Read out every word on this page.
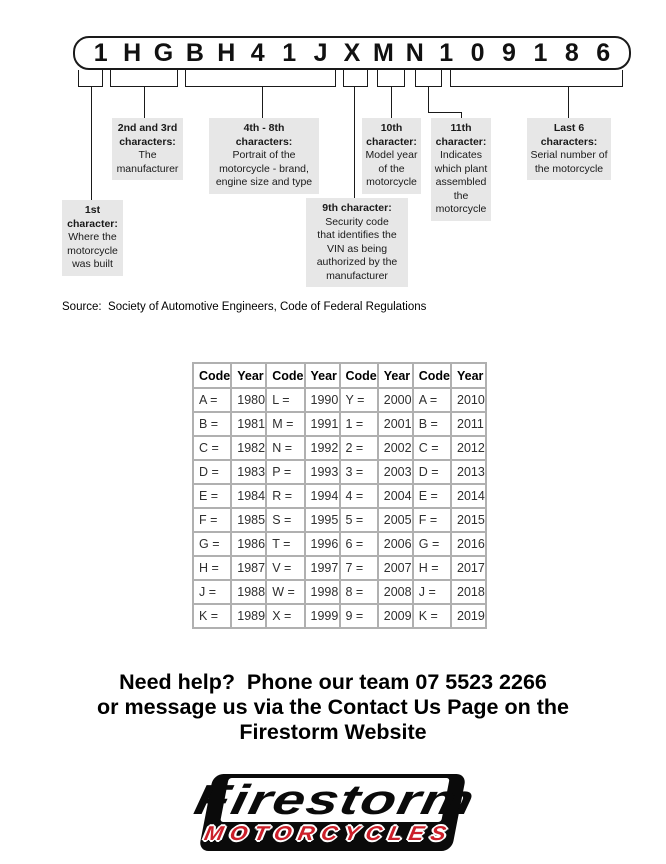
1 H G B H 4 1 J X M N 1 0 9 1 8 6
1st
character:
Where the
motorcycle
was built
2nd and 3rd
characters:
The
manufacturer
4th - 8th
characters:
Portrait of the
motorcycle - brand,
engine size and type
9th character:
Security code
that identifies the
VIN as being
authorized by the
manufacturer
10th
character:
Model year
of the
motorcycle
11th
character:
Indicates
which plant
assembled
the
motorcycle
Last 6
characters:
Serial number of
the motorcycle
Source:  Society of Automotive Engineers, Code of Federal Regulations
Code	Year	Code	Year	Code	Year	Code	Year
A =	1980	L =	1990	Y =	2000	A =	2010
B =	1981	M =	1991	1 =	2001	B =	2011
C =	1982	N =	1992	2 =	2002	C =	2012
D =	1983	P =	1993	3 =	2003	D =	2013
E =	1984	R =	1994	4 =	2004	E =	2014
F =	1985	S =	1995	5 =	2005	F =	2015
G =	1986	T =	1996	6 =	2006	G =	2016
H =	1987	V =	1997	7 =	2007	H =	2017
J =	1988	W =	1998	8 =	2008	J =	2018
K =	1989	X =	1999	9 =	2009	K =	2019
Need help?  Phone our team 07 5523 2266
or message us via the Contact Us Page on the
Firestorm Website
Firestorm
MOTORCYCLES
